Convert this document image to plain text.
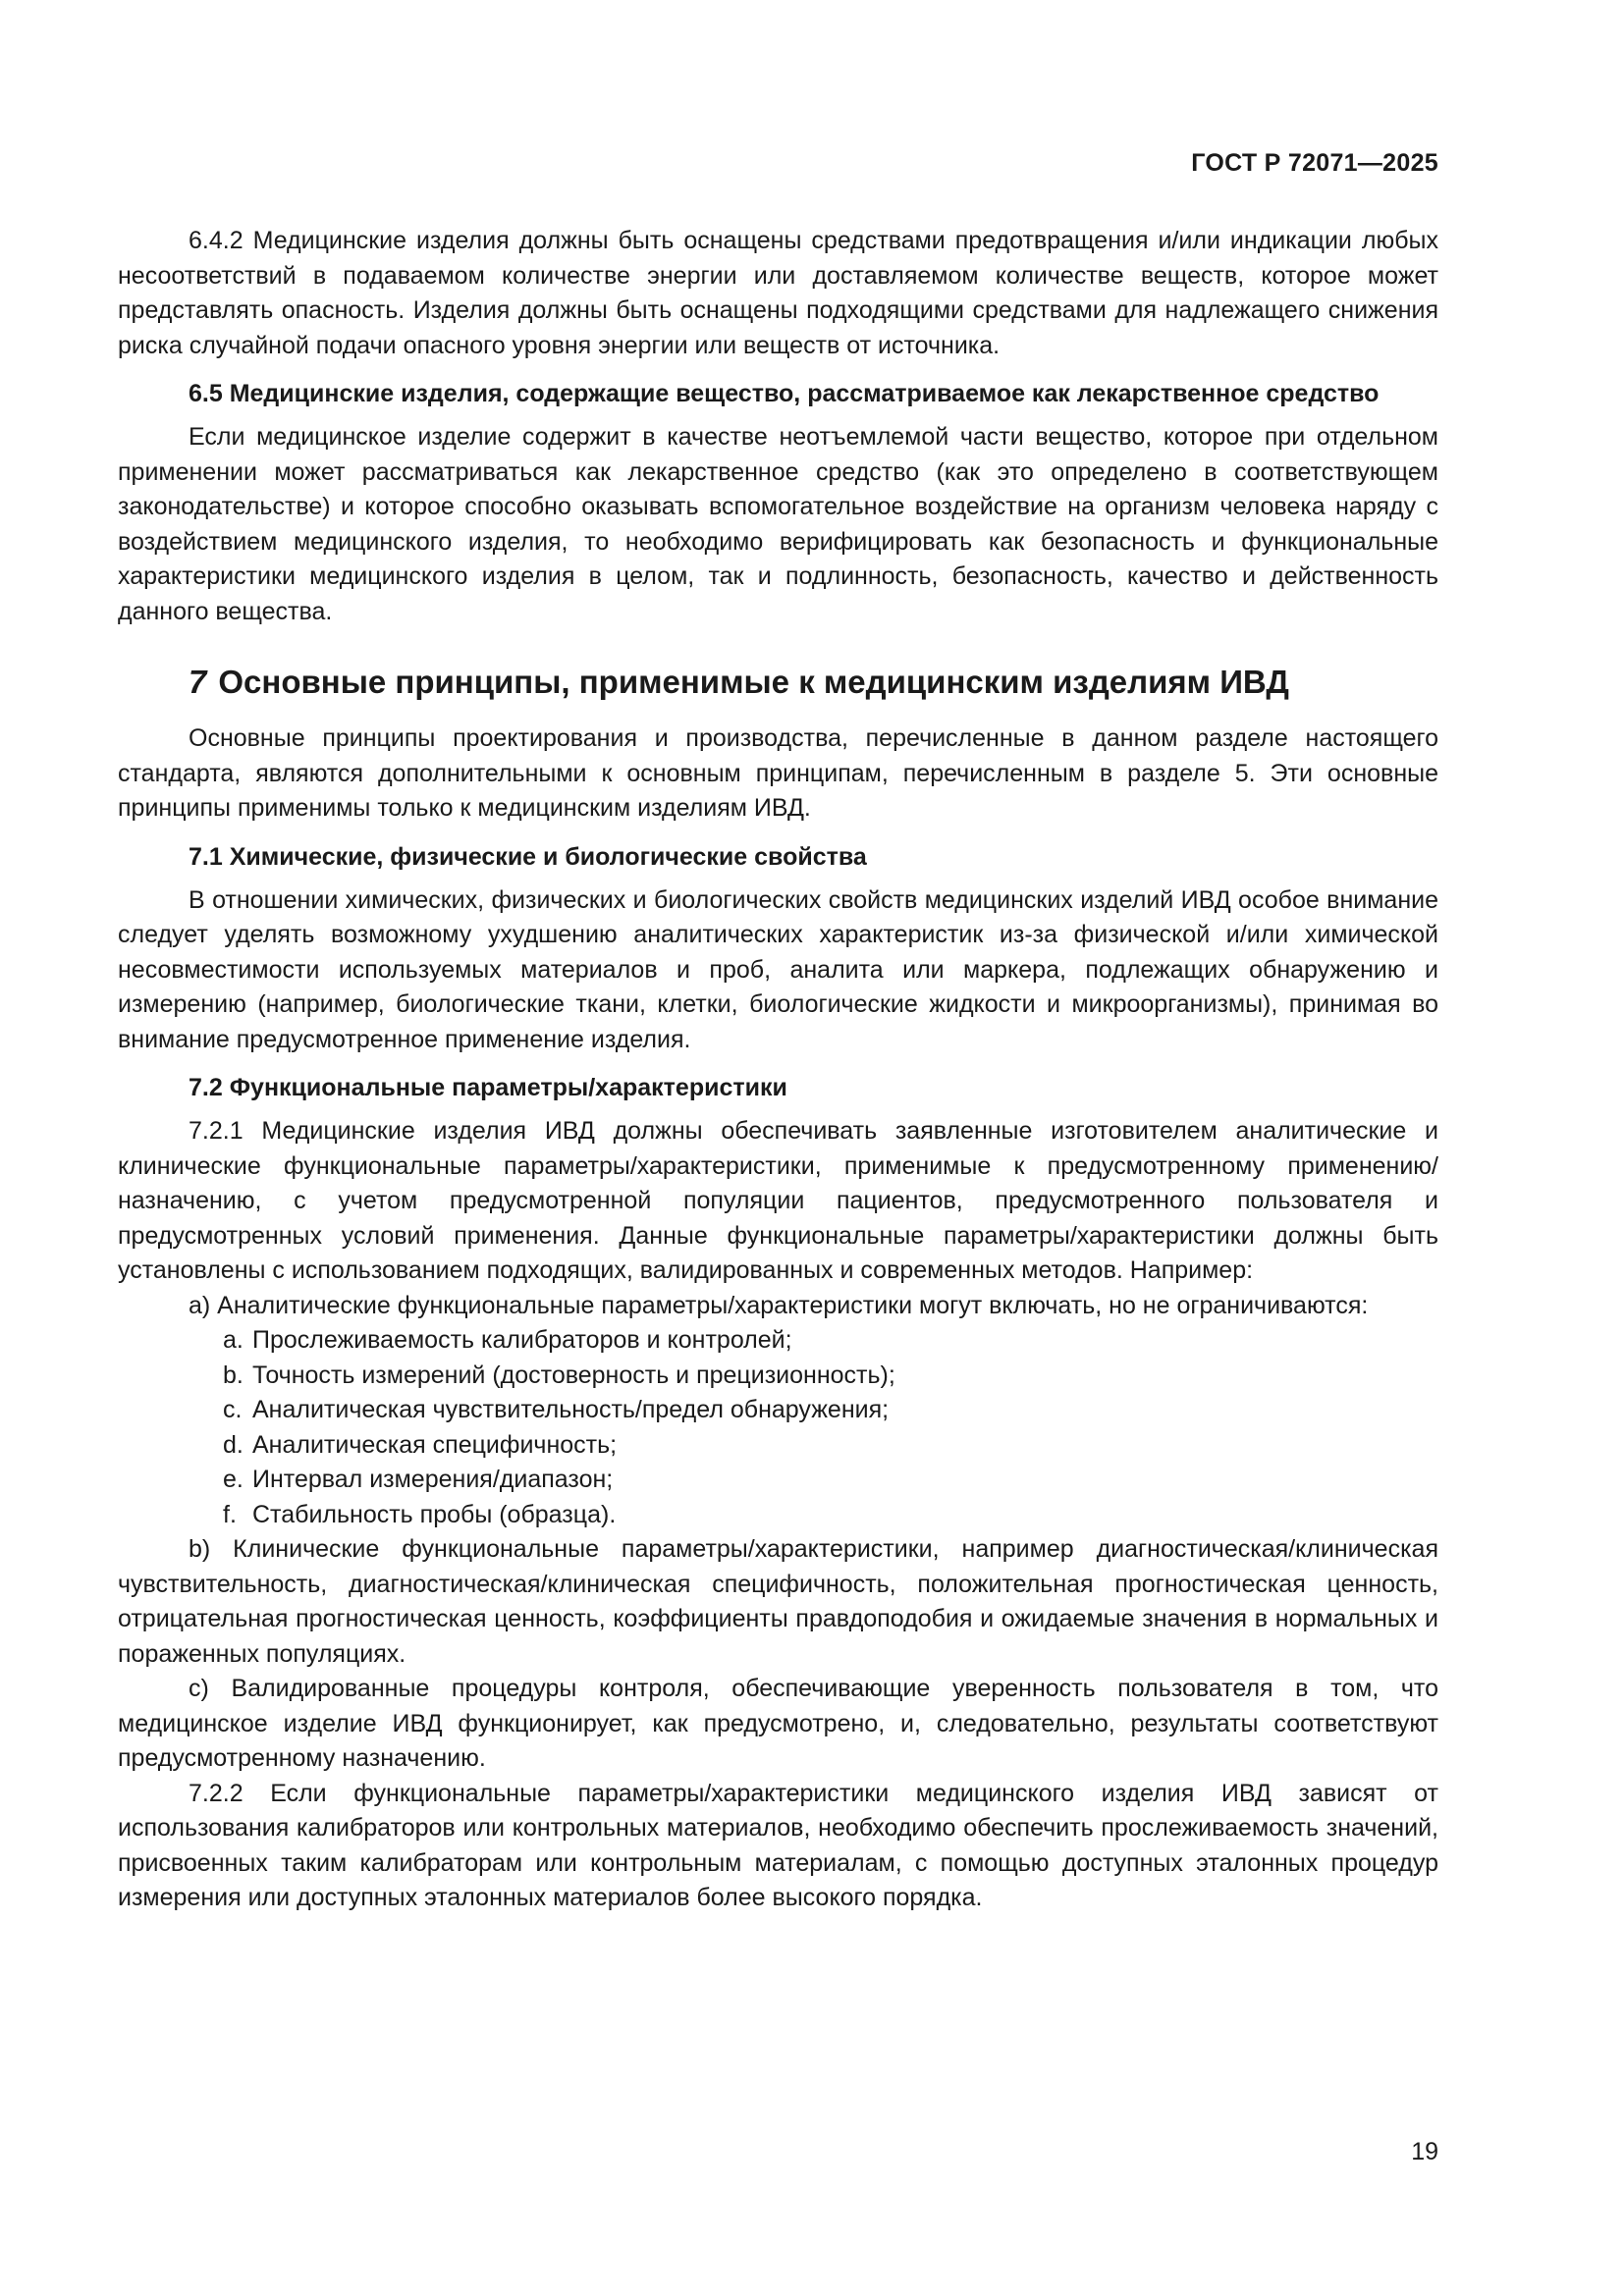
ГОСТ Р 72071—2025

6.4.2 Медицинские изделия должны быть оснащены средствами предотвращения и/или индикации любых несоответствий в подаваемом количестве энергии или доставляемом количестве веществ, которое может представлять опасность. Изделия должны быть оснащены подходящими средствами для надлежащего снижения риска случайной подачи опасного уровня энергии или веществ от источника.

6.5 Медицинские изделия, содержащие вещество, рассматриваемое как лекарственное средство

Если медицинское изделие содержит в качестве неотъемлемой части вещество, которое при отдельном применении может рассматриваться как лекарственное средство (как это определено в соответствующем законодательстве) и которое способно оказывать вспомогательное воздействие на организм человека наряду с воздействием медицинского изделия, то необходимо верифицировать как безопасность и функциональные характеристики медицинского изделия в целом, так и подлинность, безопасность, качество и действенность данного вещества.

7 Основные принципы, применимые к медицинским изделиям ИВД

Основные принципы проектирования и производства, перечисленные в данном разделе настоящего стандарта, являются дополнительными к основным принципам, перечисленным в разделе 5. Эти основные принципы применимы только к медицинским изделиям ИВД.

7.1 Химические, физические и биологические свойства

В отношении химических, физических и биологических свойств медицинских изделий ИВД особое внимание следует уделять возможному ухудшению аналитических характеристик из-за физической и/или химической несовместимости используемых материалов и проб, аналита или маркера, подлежащих обнаружению и измерению (например, биологические ткани, клетки, биологические жидкости и микроорганизмы), принимая во внимание предусмотренное применение изделия.

7.2 Функциональные параметры/характеристики

7.2.1 Медицинские изделия ИВД должны обеспечивать заявленные изготовителем аналитические и клинические функциональные параметры/характеристики, применимые к предусмотренному применению/назначению, с учетом предусмотренной популяции пациентов, предусмотренного пользователя и предусмотренных условий применения. Данные функциональные параметры/характеристики должны быть установлены с использованием подходящих, валидированных и современных методов. Например:

a) Аналитические функциональные параметры/характеристики могут включать, но не ограничиваются:

a. Прослеживаемость калибраторов и контролей;
b. Точность измерений (достоверность и прецизионность);
c. Аналитическая чувствительность/предел обнаружения;
d. Аналитическая специфичность;
e. Интервал измерения/диапазон;
f. Стабильность пробы (образца).

b) Клинические функциональные параметры/характеристики, например диагностическая/клиническая чувствительность, диагностическая/клиническая специфичность, положительная прогностическая ценность, отрицательная прогностическая ценность, коэффициенты правдоподобия и ожидаемые значения в нормальных и пораженных популяциях.

c) Валидированные процедуры контроля, обеспечивающие уверенность пользователя в том, что медицинское изделие ИВД функционирует, как предусмотрено, и, следовательно, результаты соответствуют предусмотренному назначению.

7.2.2 Если функциональные параметры/характеристики медицинского изделия ИВД зависят от использования калибраторов или контрольных материалов, необходимо обеспечить прослеживаемость значений, присвоенных таким калибраторам или контрольным материалам, с помощью доступных эталонных процедур измерения или доступных эталонных материалов более высокого порядка.

19
